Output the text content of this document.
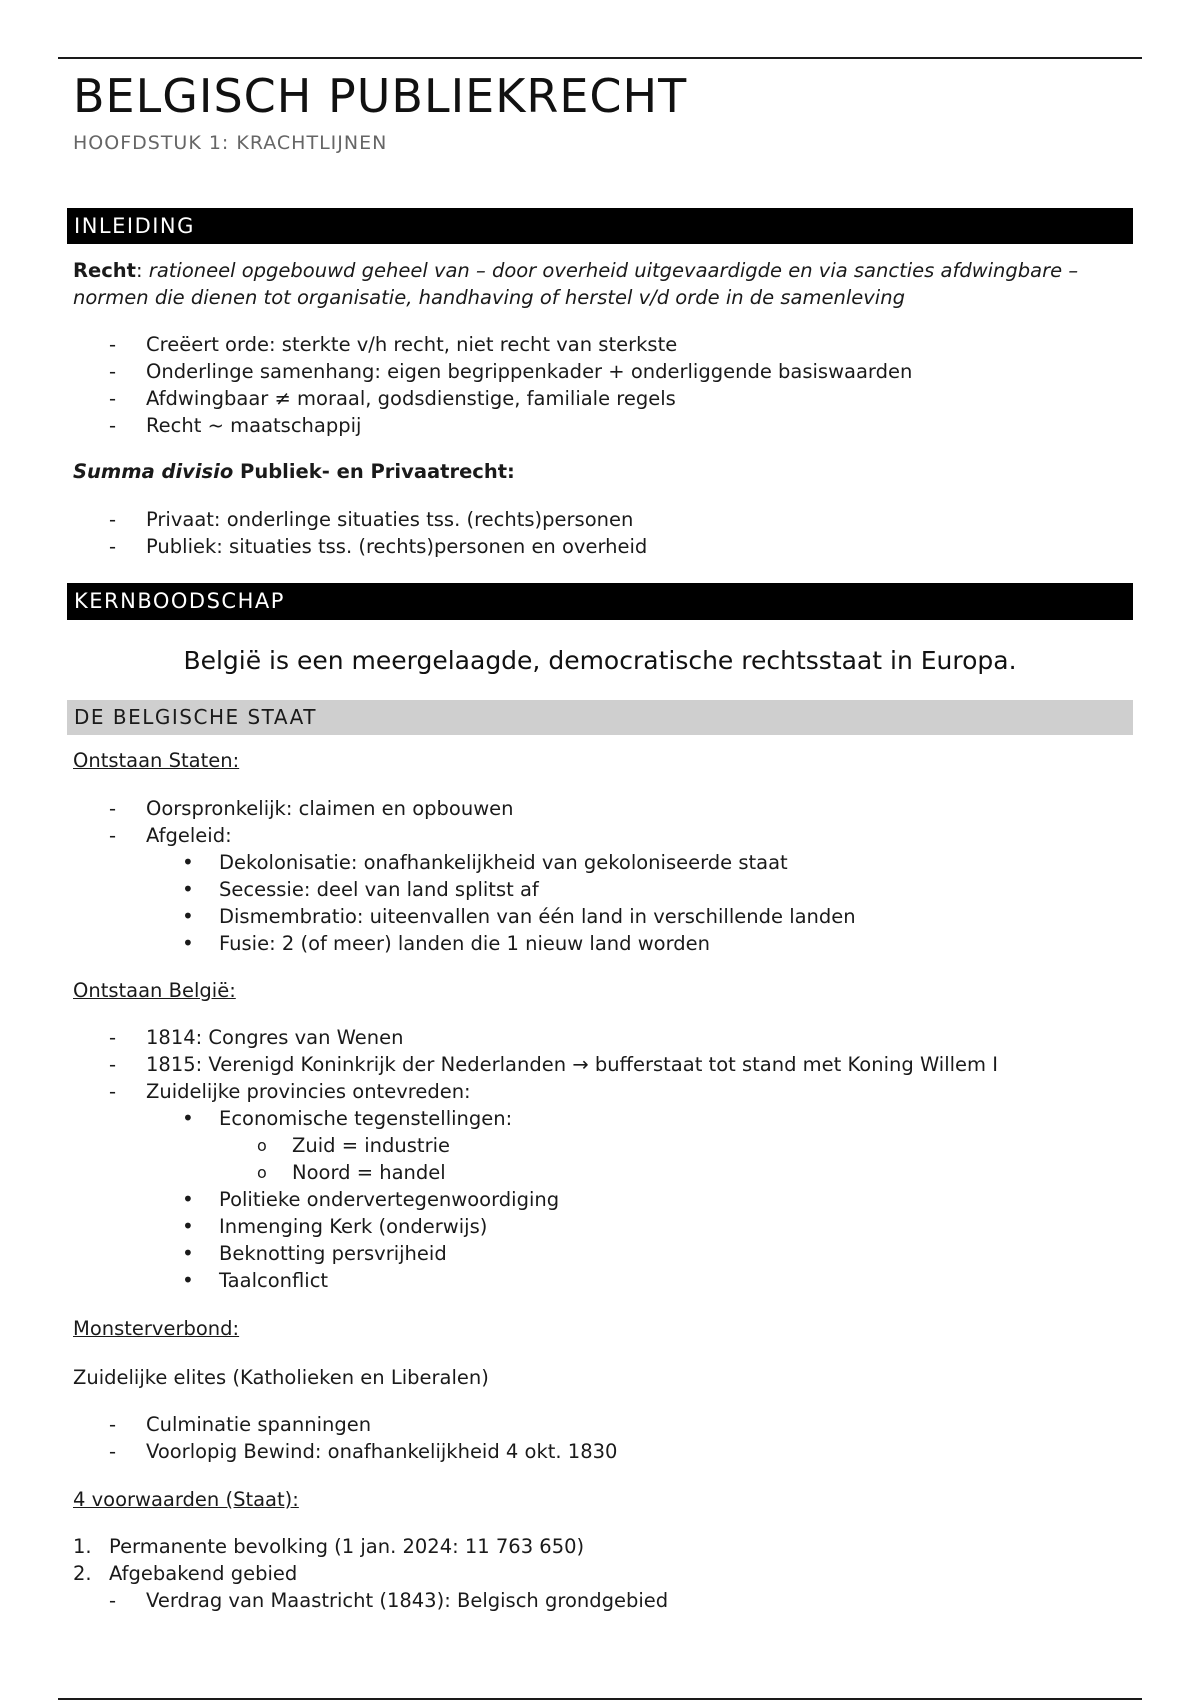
BELGISCH PUBLIEKRECHT
HOOFDSTUK 1: KRACHTLIJNEN
INLEIDING
Recht: rationeel opgebouwd geheel van – door overheid uitgevaardigde en via sancties afdwingbare – normen die dienen tot organisatie, handhaving of herstel v/d orde in de samenleving
- Creëert orde: sterkte v/h recht, niet recht van sterkste
- Onderlinge samenhang: eigen begrippenkader + onderliggende basiswaarden
- Afdwingbaar ≠ moraal, godsdienstige, familiale regels
- Recht ~ maatschappij
Summa divisio Publiek- en Privaatrecht:
- Privaat: onderlinge situaties tss. (rechts)personen
- Publiek: situaties tss. (rechts)personen en overheid
KERNBOODSCHAP
België is een meergelaagde, democratische rechtsstaat in Europa.
DE BELGISCHE STAAT
Ontstaan Staten:
- Oorspronkelijk: claimen en opbouwen
- Afgeleid:
• Dekolonisatie: onafhankelijkheid van gekoloniseerde staat
• Secessie: deel van land splitst af
• Dismembratio: uiteenvallen van één land in verschillende landen
• Fusie: 2 (of meer) landen die 1 nieuw land worden
Ontstaan België:
- 1814: Congres van Wenen
- 1815: Verenigd Koninkrijk der Nederlanden → bufferstaat tot stand met Koning Willem I
- Zuidelijke provincies ontevreden:
• Economische tegenstellingen:
o Zuid = industrie
o Noord = handel
• Politieke ondervertegenwoordiging
• Inmenging Kerk (onderwijs)
• Beknotting persvrijheid
• Taalconflict
Monsterverbond:
Zuidelijke elites (Katholieken en Liberalen)
- Culminatie spanningen
- Voorlopig Bewind: onafhankelijkheid 4 okt. 1830
4 voorwaarden (Staat):
1. Permanente bevolking (1 jan. 2024: 11 763 650)
2. Afgebakend gebied
- Verdrag van Maastricht (1843): Belgisch grondgebied
